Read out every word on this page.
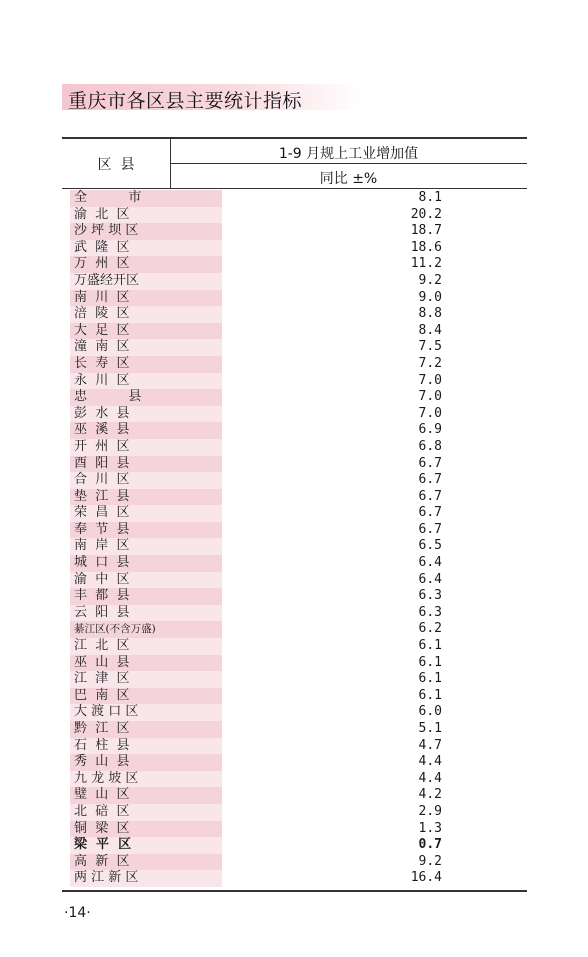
重庆市各区县主要统计指标
区  县
1-9 月规上工业增加值
同比 ±%
全          市	8.1
渝  北  区	20.2
沙 坪 坝 区	18.7
武  隆  区	18.6
万  州  区	11.2
万盛经开区	9.2
南  川  区	9.0
涪  陵  区	8.8
大  足  区	8.4
潼  南  区	7.5
长  寿  区	7.2
永  川  区	7.0
忠          县	7.0
彭  水  县	7.0
巫  溪  县	6.9
开  州  区	6.8
酉  阳  县	6.7
合  川  区	6.7
垫  江  县	6.7
荣  昌  区	6.7
奉  节  县	6.7
南  岸  区	6.5
城  口  县	6.4
渝  中  区	6.4
丰  都  县	6.3
云  阳  县	6.3
綦江区(不含万盛)	6.2
江  北  区	6.1
巫  山  县	6.1
江  津  区	6.1
巴  南  区	6.1
大 渡 口 区	6.0
黔  江  区	5.1
石  柱  县	4.7
秀  山  县	4.4
九 龙 坡 区	4.4
璧  山  区	4.2
北  碚  区	2.9
铜  梁  区	1.3
梁  平  区	0.7
高  新  区	9.2
两 江 新 区	16.4
·14·
